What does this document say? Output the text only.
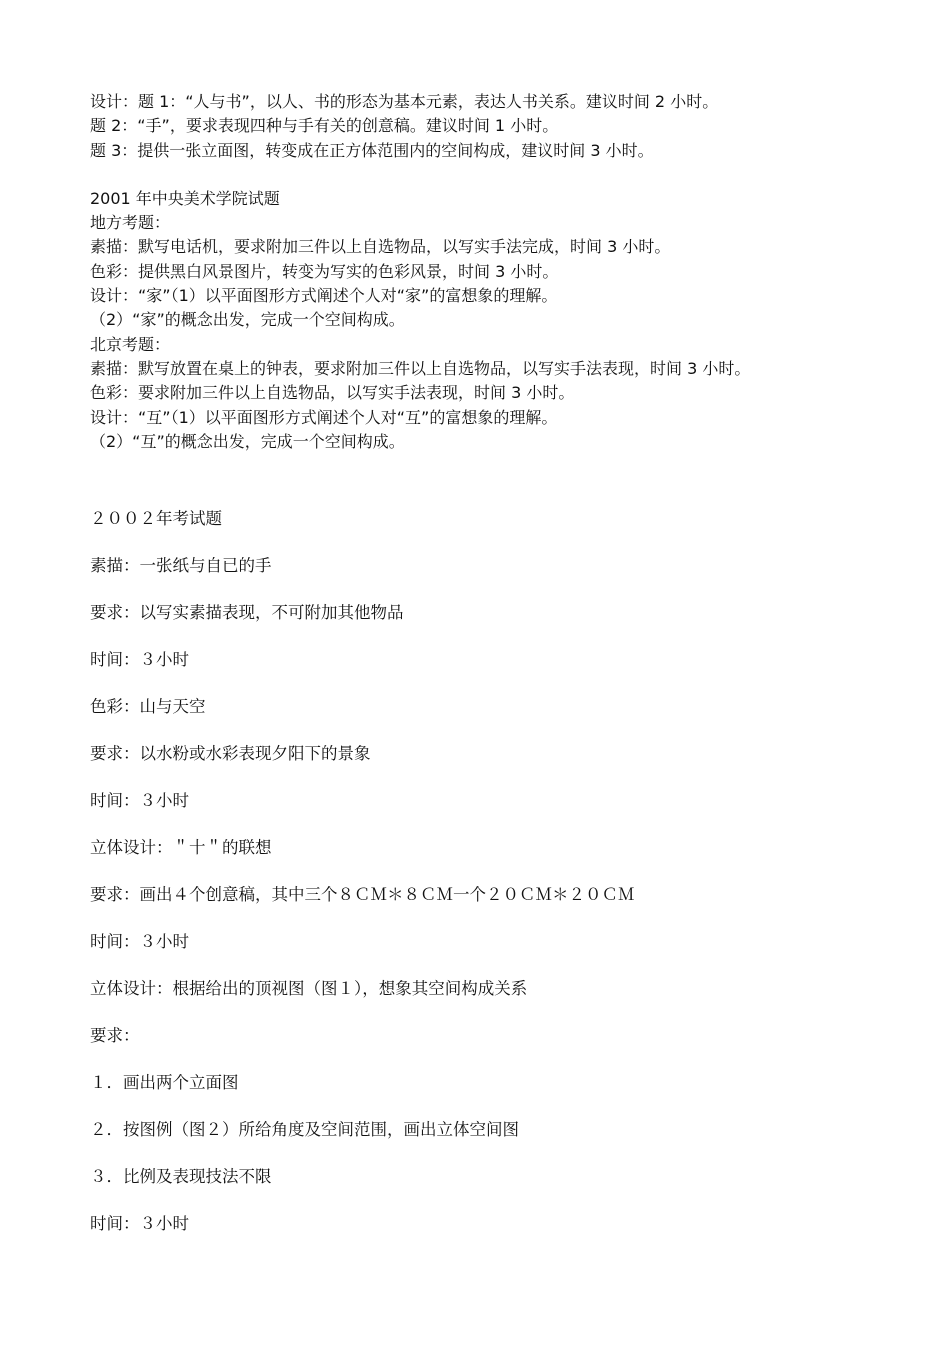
设计：题 1：“人与书”，以人、书的形态为基本元素，表达人书关系。建议时间 2 小时。

题 2：“手”，要求表现四种与手有关的创意稿。建议时间 1 小时。

题 3：提供一张立面图，转变成在正方体范围内的空间构成，建议时间 3 小时。

2001 年中央美术学院试题

地方考题：

素描：默写电话机，要求附加三件以上自选物品，以写实手法完成，时间 3 小时。

色彩：提供黑白风景图片，转变为写实的色彩风景，时间 3 小时。

设计：“家”（1）以平面图形方式阐述个人对“家”的富想象的理解。

（2）“家”的概念出发，完成一个空间构成。

北京考题：

素描：默写放置在桌上的钟表，要求附加三件以上自选物品，以写实手法表现，时间 3 小时。

色彩：要求附加三件以上自选物品，以写实手法表现，时间 3 小时。

设计：“互”（1）以平面图形方式阐述个人对“互”的富想象的理解。

（2）“互”的概念出发，完成一个空间构成。

２００２年考试题

素描：一张纸与自已的手

要求：以写实素描表现，不可附加其他物品

时间：３小时

色彩：山与天空

要求：以水粉或水彩表现夕阳下的景象

时间：３小时

立体设计：＂十＂的联想

要求：画出４个创意稿，其中三个８ＣＭ＊８ＣＭ一个２０ＣＭ＊２０ＣＭ

时间：３小时

立体设计：根据给出的顶视图（图１），想象其空间构成关系

要求：

１．画出两个立面图

２．按图例（图２）所给角度及空间范围，画出立体空间图

３．比例及表现技法不限

时间：３小时
